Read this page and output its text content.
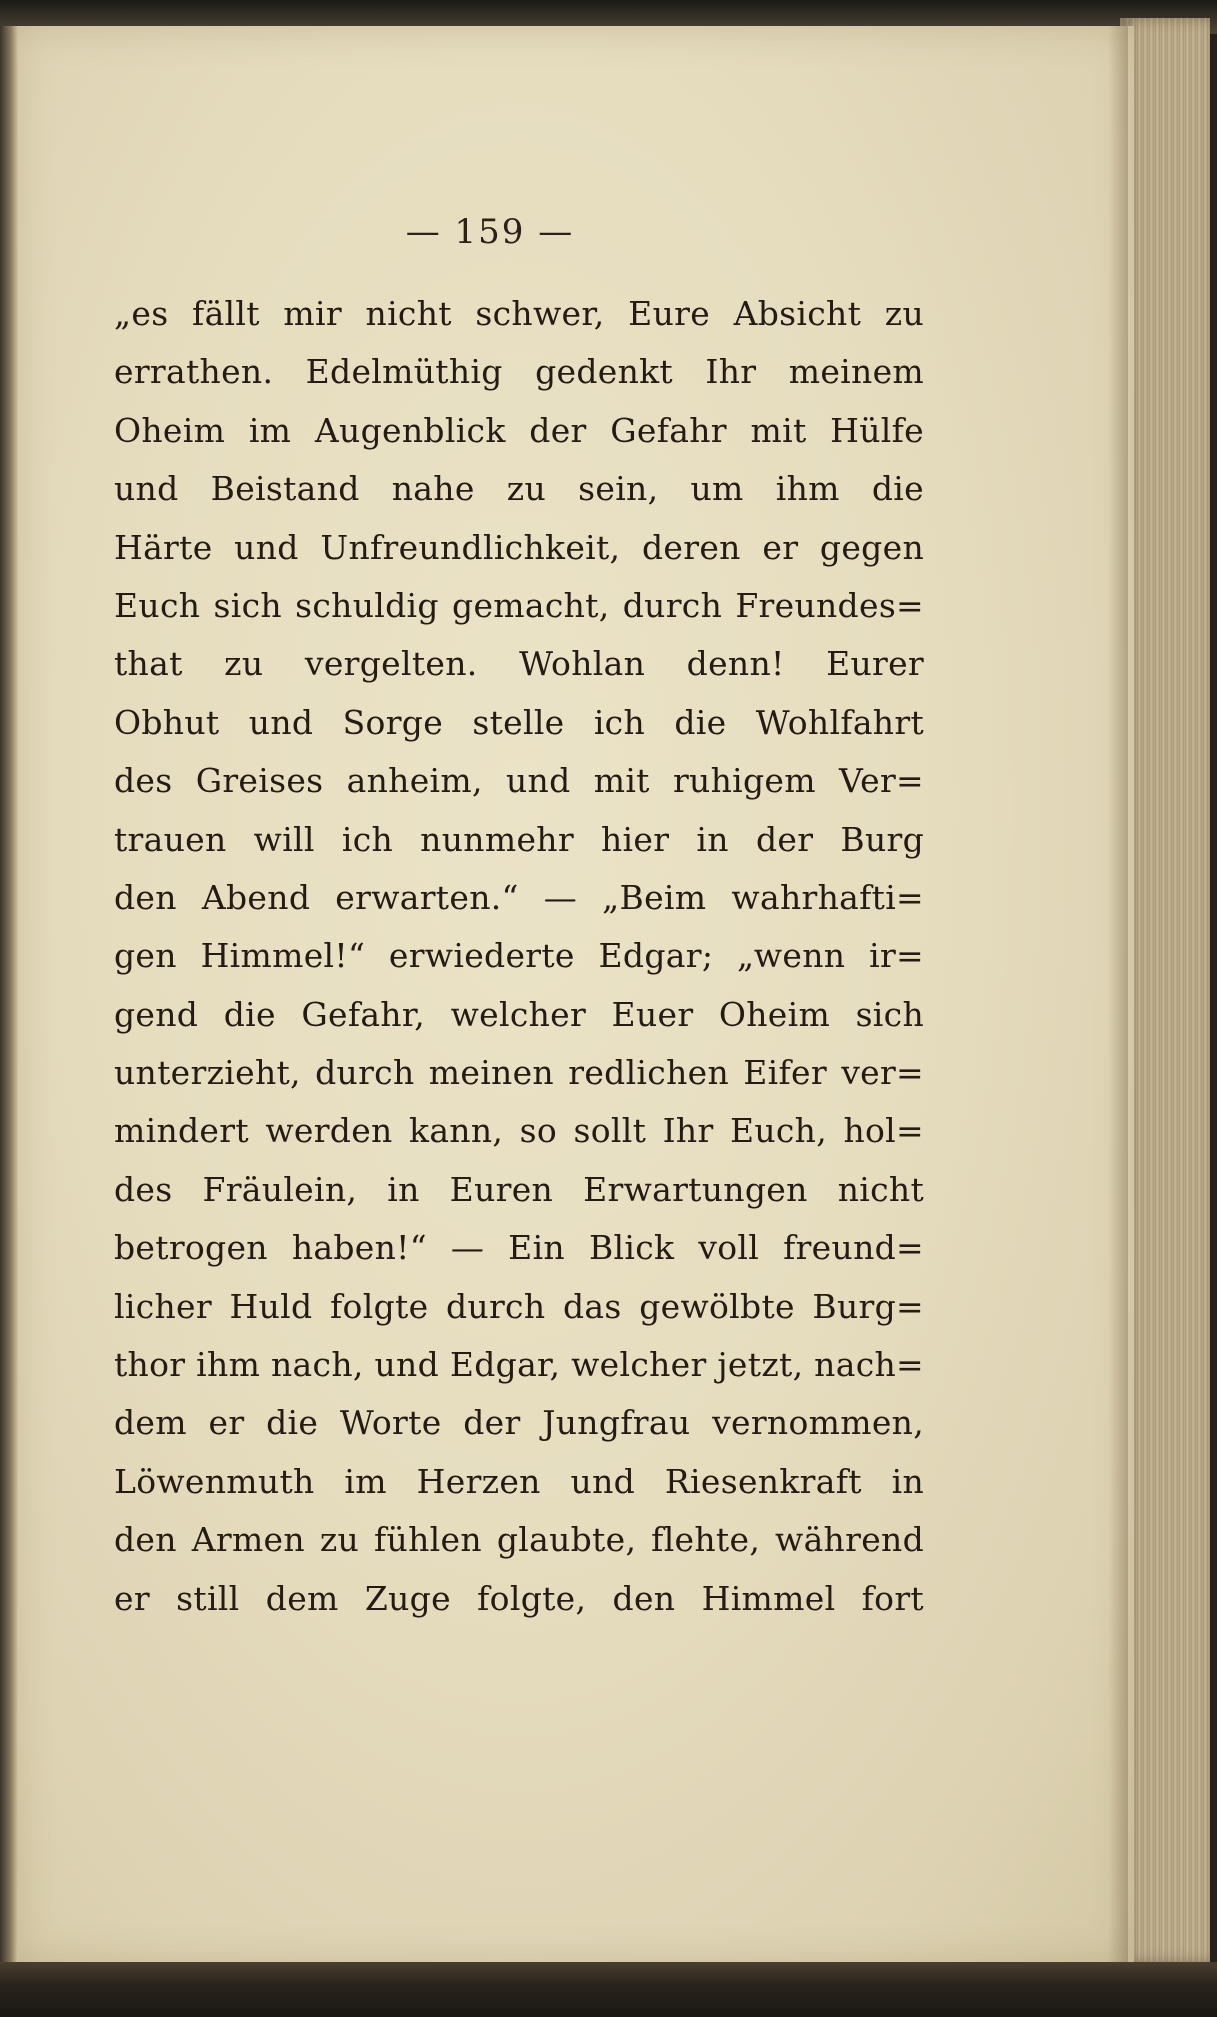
— 159 —
„es fällt mir nicht schwer, Eure Absicht zu
errathen. Edelmüthig gedenkt Ihr meinem
Oheim im Augenblick der Gefahr mit Hülfe
und Beistand nahe zu sein, um ihm die
Härte und Unfreundlichkeit, deren er gegen
Euch sich schuldig gemacht, durch Freundes=
that zu vergelten. Wohlan denn! Eurer
Obhut und Sorge stelle ich die Wohlfahrt
des Greises anheim, und mit ruhigem Ver=
trauen will ich nunmehr hier in der Burg
den Abend erwarten.“ — „Beim wahrhafti=
gen Himmel!“ erwiederte Edgar; „wenn ir=
gend die Gefahr, welcher Euer Oheim sich
unterzieht, durch meinen redlichen Eifer ver=
mindert werden kann, so sollt Ihr Euch, hol=
des Fräulein, in Euren Erwartungen nicht
betrogen haben!“ — Ein Blick voll freund=
licher Huld folgte durch das gewölbte Burg=
thor ihm nach, und Edgar, welcher jetzt, nach=
dem er die Worte der Jungfrau vernommen,
Löwenmuth im Herzen und Riesenkraft in
den Armen zu fühlen glaubte, flehte, während
er still dem Zuge folgte, den Himmel fort
